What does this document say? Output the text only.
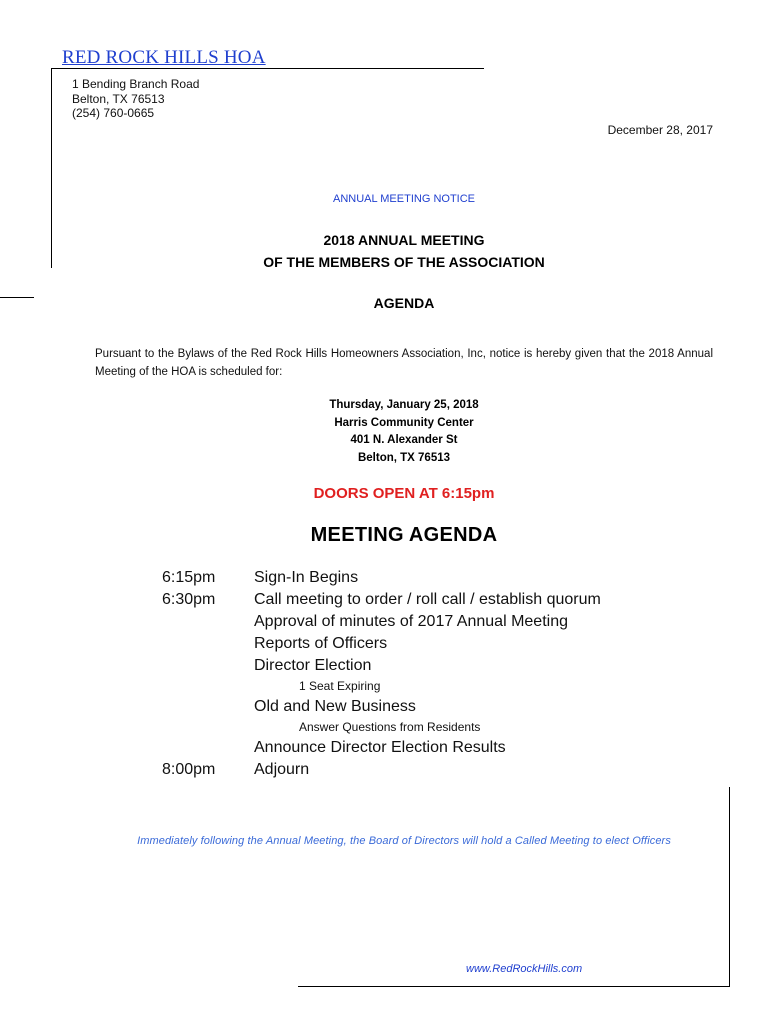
RED ROCK HILLS HOA
1 Bending Branch Road
Belton, TX 76513
(254) 760-0665
December 28, 2017
ANNUAL MEETING NOTICE
2018 ANNUAL MEETING
OF THE MEMBERS OF THE ASSOCIATION
AGENDA
Pursuant to the Bylaws of the Red Rock Hills Homeowners Association, Inc, notice is hereby given that the 2018 Annual Meeting of the HOA is scheduled for:
Thursday, January 25, 2018
Harris Community Center
401 N. Alexander St
Belton, TX 76513
DOORS OPEN AT 6:15pm
MEETING AGENDA
6:15pm Sign-In Begins
6:30pm Call meeting to order / roll call / establish quorum
Approval of minutes of 2017 Annual Meeting
Reports of Officers
Director Election
1 Seat Expiring
Old and New Business
Answer Questions from Residents
Announce Director Election Results
8:00pm Adjourn
Immediately following the Annual Meeting, the Board of Directors will hold a Called Meeting to elect Officers
www.RedRockHills.com
